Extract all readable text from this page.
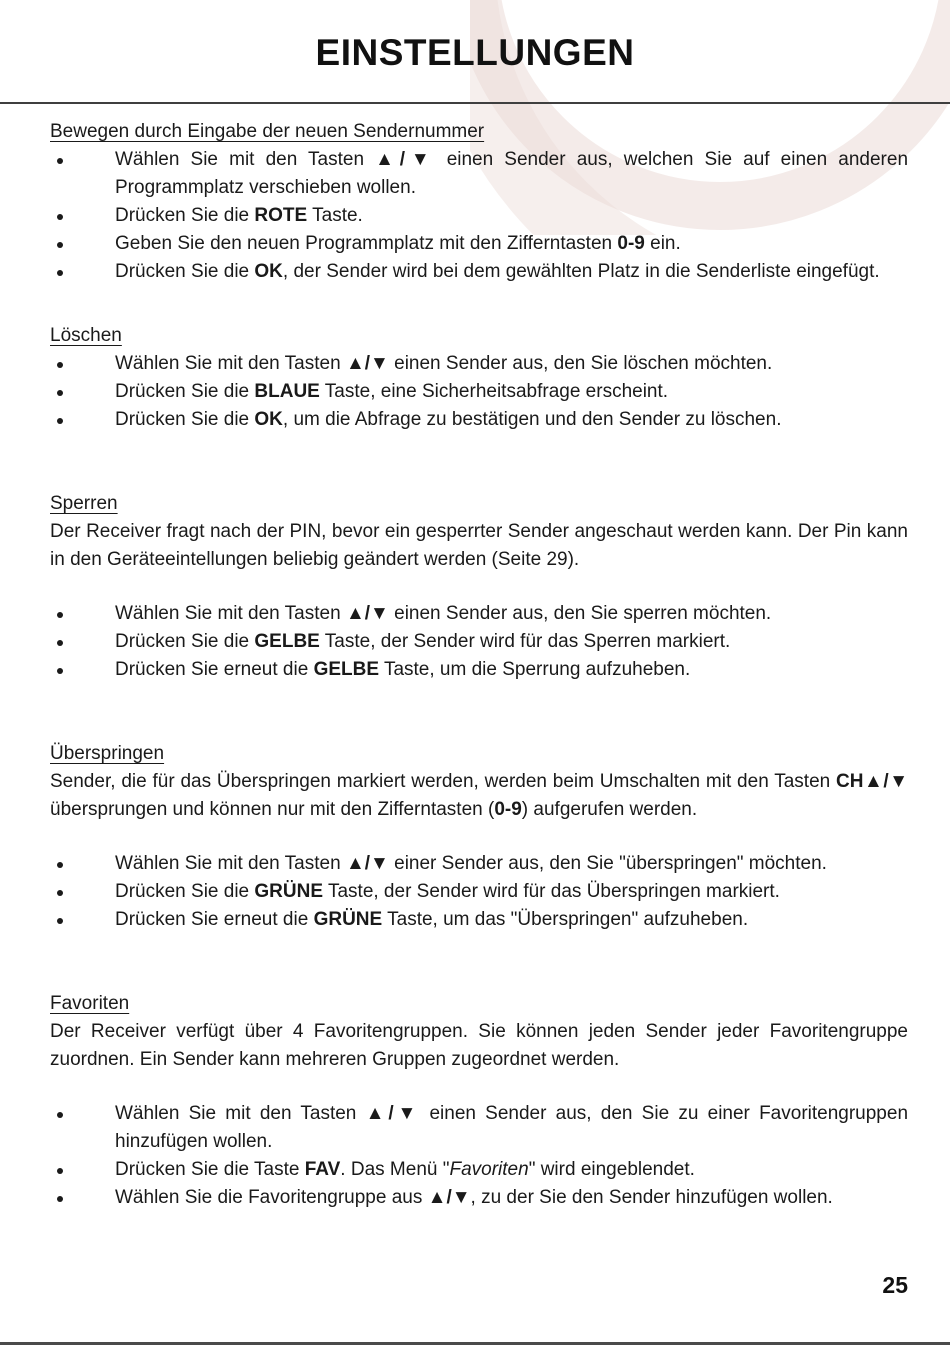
EINSTELLUNGEN
Bewegen durch Eingabe der neuen Sendernummer
Wählen Sie mit den Tasten ▲/▼ einen Sender aus, welchen Sie auf einen anderen Programmplatz verschieben wollen.
Drücken Sie die ROTE Taste.
Geben Sie den neuen Programmplatz mit den Zifferntasten 0-9 ein.
Drücken Sie die OK, der Sender wird bei dem gewählten Platz in die Senderliste eingefügt.
Löschen
Wählen Sie mit den Tasten ▲/▼ einen Sender aus, den Sie löschen möchten.
Drücken Sie die BLAUE Taste, eine Sicherheitsabfrage erscheint.
Drücken Sie die OK, um die Abfrage zu bestätigen und den Sender zu löschen.
Sperren

Der Receiver fragt nach der PIN, bevor ein gesperrter Sender angeschaut werden kann. Der Pin kann in den Geräteeintellungen beliebig geändert werden (Seite 29).

Wählen Sie mit den Tasten ▲/▼ einen Sender aus, den Sie sperren möchten.
Drücken Sie die GELBE Taste, der Sender wird für das Sperren markiert.
Drücken Sie erneut die GELBE Taste, um die Sperrung aufzuheben.
Überspringen

Sender, die für das Überspringen markiert werden, werden beim Umschalten mit den Tasten CH▲/▼ übersprungen und können nur mit den Zifferntasten (0-9) aufgerufen werden.

Wählen Sie mit den Tasten ▲/▼ einer Sender aus, den Sie "überspringen" möchten.
Drücken Sie die GRÜNE Taste, der Sender wird für das Überspringen markiert.
Drücken Sie erneut die GRÜNE Taste, um das "Überspringen" aufzuheben.
Favoriten

Der Receiver verfügt über 4 Favoritengruppen. Sie können jeden Sender jeder Favoritengruppe zuordnen. Ein Sender kann mehreren Gruppen zugeordnet werden.

Wählen Sie mit den Tasten ▲/▼ einen Sender aus, den Sie zu einer Favoritengruppen hinzufügen wollen.
Drücken Sie die Taste FAV. Das Menü "Favoriten" wird eingeblendet.
Wählen Sie die Favoritengruppe aus ▲/▼, zu der Sie den Sender hinzufügen wollen.
25
